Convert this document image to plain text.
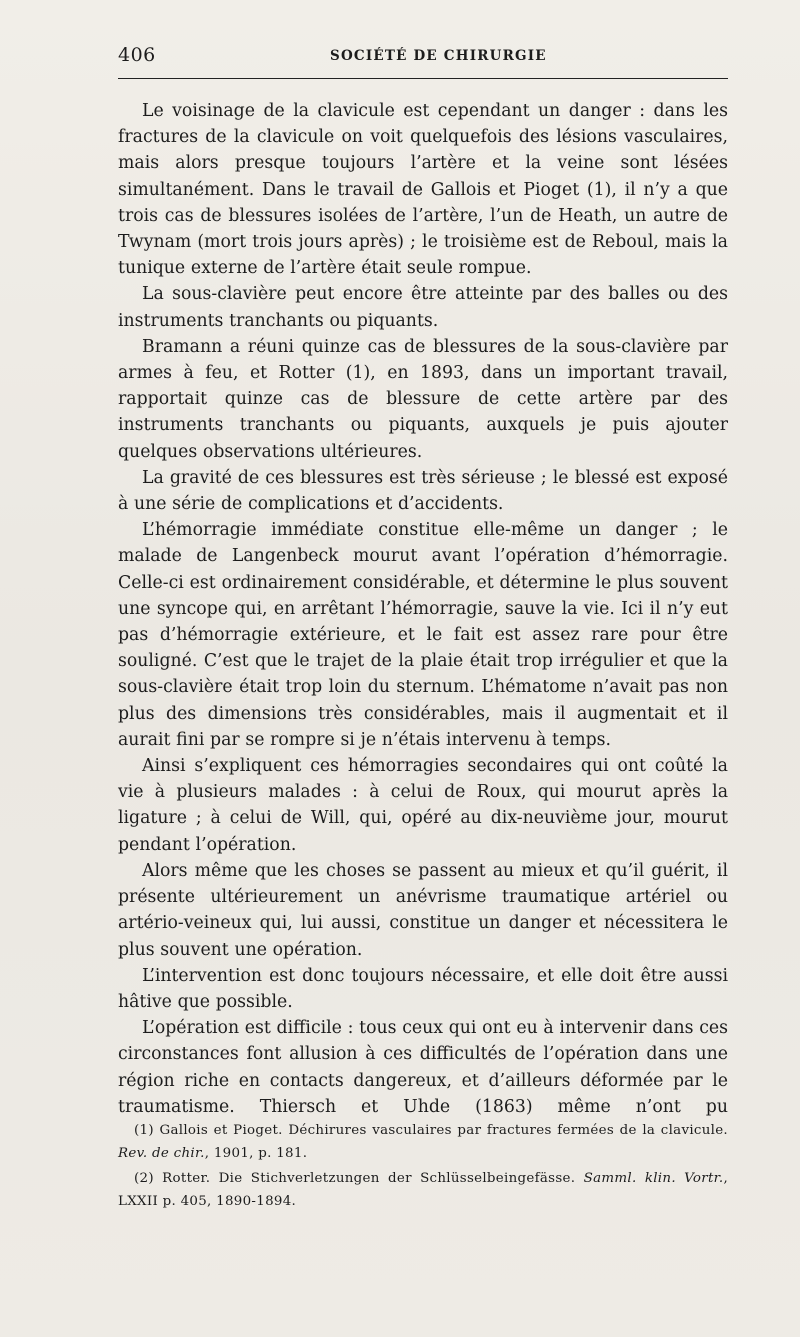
406	SOCIÉTÉ DE CHIRURGIE

Le voisinage de la clavicule est cependant un danger : dans les fractures de la clavicule on voit quelquefois des lésions vasculaires, mais alors presque toujours l’artère et la veine sont lésées simultanément. Dans le travail de Gallois et Pioget (1), il n’y a que trois cas de blessures isolées de l’artère, l’un de Heath, un autre de Twynam (mort trois jours après) ; le troisième est de Reboul, mais la tunique externe de l’artère était seule rompue.

La sous-clavière peut encore être atteinte par des balles ou des instruments tranchants ou piquants.

Bramann a réuni quinze cas de blessures de la sous-clavière par armes à feu, et Rotter (1), en 1893, dans un important travail, rapportait quinze cas de blessure de cette artère par des instruments tranchants ou piquants, auxquels je puis ajouter quelques observations ultérieures.

La gravité de ces blessures est très sérieuse ; le blessé est exposé à une série de complications et d’accidents.

L’hémorragie immédiate constitue elle-même un danger ; le malade de Langenbeck mourut avant l’opération d’hémorragie. Celle-ci est ordinairement considérable, et détermine le plus souvent une syncope qui, en arrêtant l’hémorragie, sauve la vie. Ici il n’y eut pas d’hémorragie extérieure, et le fait est assez rare pour être souligné. C’est que le trajet de la plaie était trop irrégulier et que la sous-clavière était trop loin du sternum. L’hématome n’avait pas non plus des dimensions très considérables, mais il augmentait et il aurait fini par se rompre si je n’étais intervenu à temps.

Ainsi s’expliquent ces hémorragies secondaires qui ont coûté la vie à plusieurs malades : à celui de Roux, qui mourut après la ligature ; à celui de Will, qui, opéré au dix-neuvième jour, mourut pendant l’opération.

Alors même que les choses se passent au mieux et qu’il guérit, il présente ultérieurement un anévrisme traumatique artériel ou artério-veineux qui, lui aussi, constitue un danger et nécessitera le plus souvent une opération.

L’intervention est donc toujours nécessaire, et elle doit être aussi hâtive que possible.

L’opération est difficile : tous ceux qui ont eu à intervenir dans ces circonstances font allusion à ces difficultés de l’opération dans une région riche en contacts dangereux, et d’ailleurs déformée par le traumatisme. Thiersch et Uhde (1863) même n’ont pu

(1) Gallois et Pioget. Déchirures vasculaires par fractures fermées de la clavicule. Rev. de chir., 1901, p. 181.

(2) Rotter. Die Stichverletzungen der Schlüsselbeingefässe. Samml. klin. Vortr., LXXII p. 405, 1890-1894.
